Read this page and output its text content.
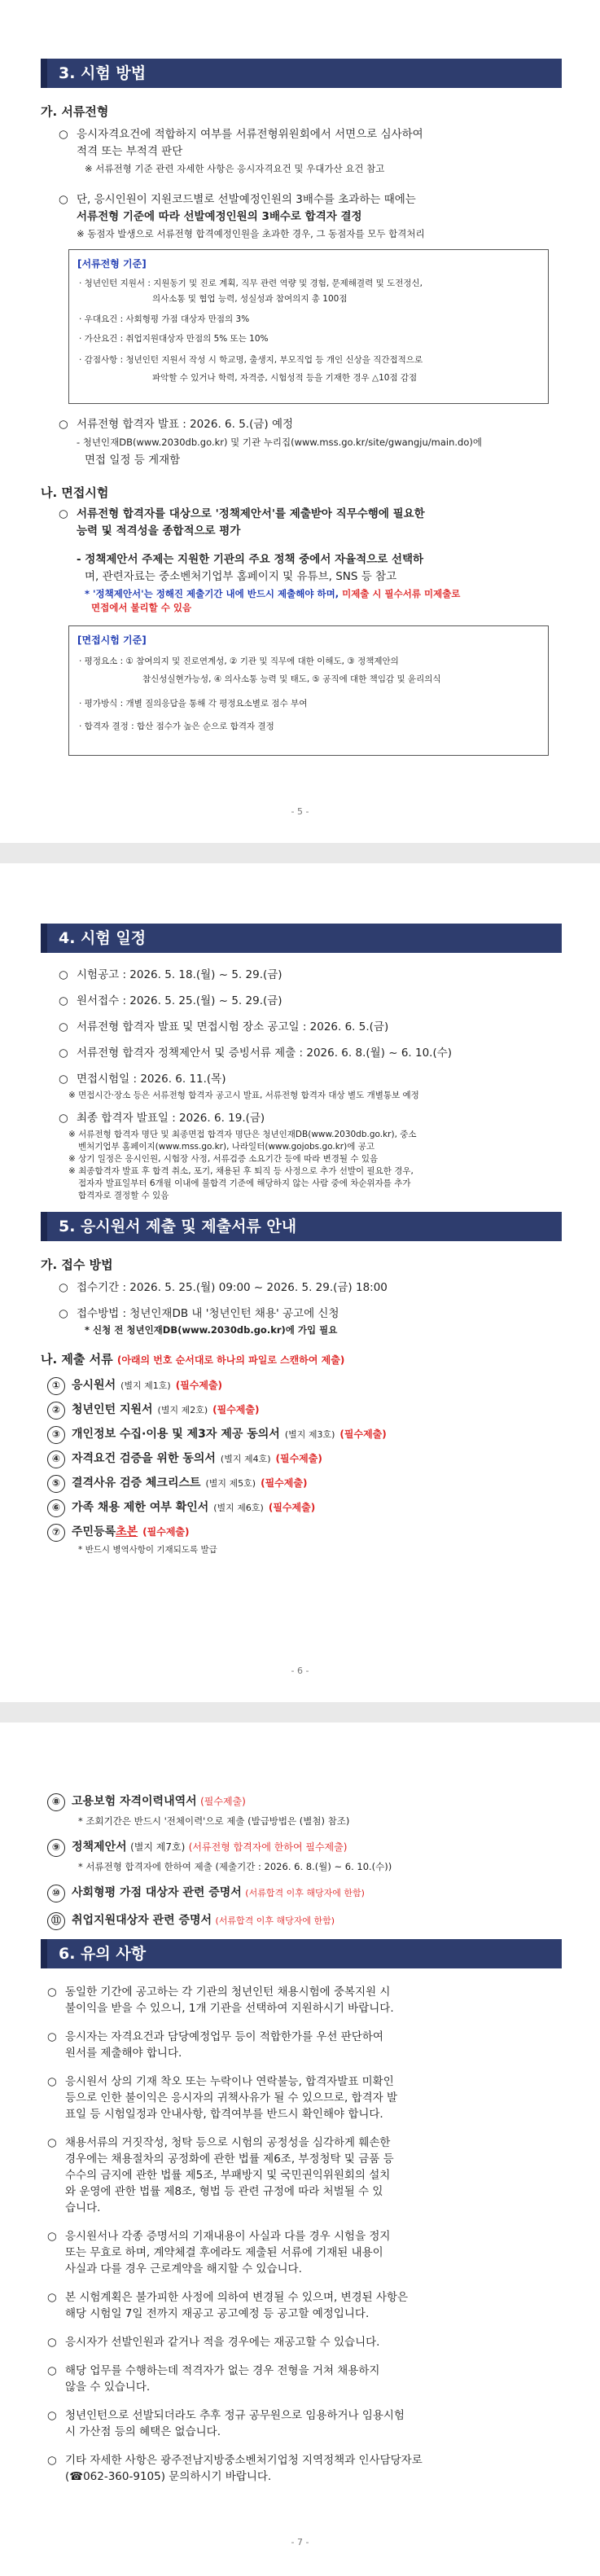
3. 시험 방법
가. 서류전형
○ 응시자격요건에 적합하지 여부를 서류전형위원회에서 서면으로 심사하여
적격 또는 부적격 판단
※ 서류전형 기준 관련 자세한 사항은 응시자격요건 및 우대가산 요건 참고
○ 단, 응시인원이 지원코드별로 선발예정인원의 3배수를 초과하는 때에는
서류전형 기준에 따라 선발예정인원의 3배수로 합격자 결정
※ 동점자 발생으로 서류전형 합격예정인원을 초과한 경우, 그 동점자를 모두 합격처리
[서류전형 기준]
· 청년인턴 지원서 : 지원동기 및 진로 계획, 직무 관련 역량 및 경험, 문제해결력 및 도전정신,
의사소통 및 협업 능력, 성실성과 참여의지 총 100점
· 우대요건 : 사회형평 가점 대상자 만점의 3%
· 가산요건 : 취업지원대상자 만점의 5% 또는 10%
· 감점사항 : 청년인턴 지원서 작성 시 학교명, 출생지, 부모직업 등 개인 신상을 직간접적으로
파악할 수 있거나 학력, 자격증, 시험성적 등을 기재한 경우 △10점 감점
○ 서류전형 합격자 발표 : 2026. 6. 5.(금) 예정
- 청년인재DB(www.2030db.go.kr) 및 기관 누리집(www.mss.go.kr/site/gwangju/main.do)에
면접 일정 등 게재함
나. 면접시험
○ 서류전형 합격자를 대상으로 '정책제안서'를 제출받아 직무수행에 필요한
능력 및 적격성을 종합적으로 평가
- 정책제안서 주제는 지원한 기관의 주요 정책 중에서 자율적으로 선택하
며, 관련자료는 중소벤처기업부 홈페이지 및 유튜브, SNS 등 참고
* '정책제안서'는 정해진 제출기간 내에 반드시 제출해야 하며, 미제출 시 필수서류 미제출로
면접에서 불리할 수 있음
[면접시험 기준]
· 평정요소 : ① 참여의지 및 진로연계성, ② 기관 및 직무에 대한 이해도, ③ 정책제안의
참신성실현가능성, ④ 의사소통 능력 및 태도, ⑤ 공직에 대한 책임감 및 윤리의식
· 평가방식 : 개별 질의응답을 통해 각 평정요소별로 점수 부여
· 합격자 결정 : 합산 점수가 높은 순으로 합격자 결정
- 5 -
4. 시험 일정
○ 시험공고 : 2026. 5. 18.(월) ~ 5. 29.(금)
○ 원서접수 : 2026. 5. 25.(월) ~ 5. 29.(금)
○ 서류전형 합격자 발표 및 면접시험 장소 공고일 : 2026. 6. 5.(금)
○ 서류전형 합격자 정책제안서 및 증빙서류 제출 : 2026. 6. 8.(월) ~ 6. 10.(수)
○ 면접시험일 : 2026. 6. 11.(목)
※ 면접시간·장소 등은 서류전형 합격자 공고시 발표, 서류전형 합격자 대상 별도 개별통보 예정
○ 최종 합격자 발표일 : 2026. 6. 19.(금)
※ 서류전형 합격자 명단 및 최종면접 합격자 명단은 청년인재DB(www.2030db.go.kr), 중소
벤처기업부 홈페이지(www.mss.go.kr), 나라일터(www.gojobs.go.kr)에 공고
※ 상기 일정은 응시인원, 시험장 사정, 서류검증 소요기간 등에 따라 변경될 수 있음
※ 최종합격자 발표 후 합격 취소, 포기, 채용된 후 퇴직 등 사정으로 추가 선발이 필요한 경우,
접자자 발표일부터 6개월 이내에 불합격 기준에 해당하지 않는 사람 중에 차순위자를 추가
합격자로 결정할 수 있음
5. 응시원서 제출 및 제출서류 안내
가. 접수 방법
○ 접수기간 : 2026. 5. 25.(월) 09:00 ~ 2026. 5. 29.(금) 18:00
○ 접수방법 : 청년인재DB 내 '청년인턴 채용' 공고에 신청
* 신청 전 청년인재DB(www.2030db.go.kr)에 가입 필요
나. 제출 서류 (아래의 번호 순서대로 하나의 파일로 스캔하여 제출)
① 응시원서 (별지 제1호) (필수제출)
② 청년인턴 지원서 (별지 제2호) (필수제출)
③ 개인정보 수집·이용 및 제3자 제공 동의서 (별지 제3호) (필수제출)
④ 자격요건 검증을 위한 동의서 (별지 제4호) (필수제출)
⑤ 결격사유 검증 체크리스트 (별지 제5호) (필수제출)
⑥ 가족 채용 제한 여부 확인서 (별지 제6호) (필수제출)
⑦ 주민등록초본 (필수제출)
* 반드시 병역사항이 기재되도록 발급
- 6 -
⑧ 고용보험 자격이력내역서 (필수제출)
* 조회기간은 반드시 '전체이력'으로 제출 (발급방법은 (별첨) 참조)
⑨ 정책제안서 (별지 제7호) (서류전형 합격자에 한하여 필수제출)
* 서류전형 합격자에 한하여 제출 (제출기간 : 2026. 6. 8.(월) ~ 6. 10.(수))
⑩ 사회형평 가점 대상자 관련 증명서 (서류합격 이후 해당자에 한함)
⑪ 취업지원대상자 관련 증명서 (서류합격 이후 해당자에 한함)
6. 유의 사항
○ 동일한 기간에 공고하는 각 기관의 청년인턴 채용시험에 중복지원 시
불이익을 받을 수 있으니, 1개 기관을 선택하여 지원하시기 바랍니다.
○ 응시자는 자격요건과 담당예정업무 등이 적합한가를 우선 판단하여
원서를 제출해야 합니다.
○ 응시원서 상의 기재 착오 또는 누락이나 연락불능, 합격자발표 미확인
등으로 인한 불이익은 응시자의 귀책사유가 될 수 있으므로, 합격자 발
표일 등 시험일정과 안내사항, 합격여부를 반드시 확인해야 합니다.
○ 채용서류의 거짓작성, 청탁 등으로 시험의 공정성을 심각하게 훼손한
경우에는 채용절차의 공정화에 관한 법률 제6조, 부정청탁 및 금품 등
수수의 금지에 관한 법률 제5조, 부패방지 및 국민권익위원회의 설치
와 운영에 관한 법률 제8조, 형법 등 관련 규정에 따라 처벌될 수 있
습니다.
○ 응시원서나 각종 증명서의 기재내용이 사실과 다를 경우 시험을 정지
또는 무효로 하며, 계약체결 후에라도 제출된 서류에 기재된 내용이
사실과 다를 경우 근로계약을 해지할 수 있습니다.
○ 본 시험계획은 불가피한 사정에 의하여 변경될 수 있으며, 변경된 사항은
해당 시험일 7일 전까지 재공고 공고예정 등 공고할 예정입니다.
○ 응시자가 선발인원과 같거나 적을 경우에는 재공고할 수 있습니다.
○ 해당 업무를 수행하는데 적격자가 없는 경우 전형을 거쳐 채용하지
않을 수 있습니다.
○ 청년인턴으로 선발되더라도 추후 정규 공무원으로 임용하거나 임용시험
시 가산점 등의 혜택은 없습니다.
○ 기타 자세한 사항은 광주전남지방중소벤처기업청 지역정책과 인사담당자로
(☎062-360-9105) 문의하시기 바랍니다.
- 7 -
